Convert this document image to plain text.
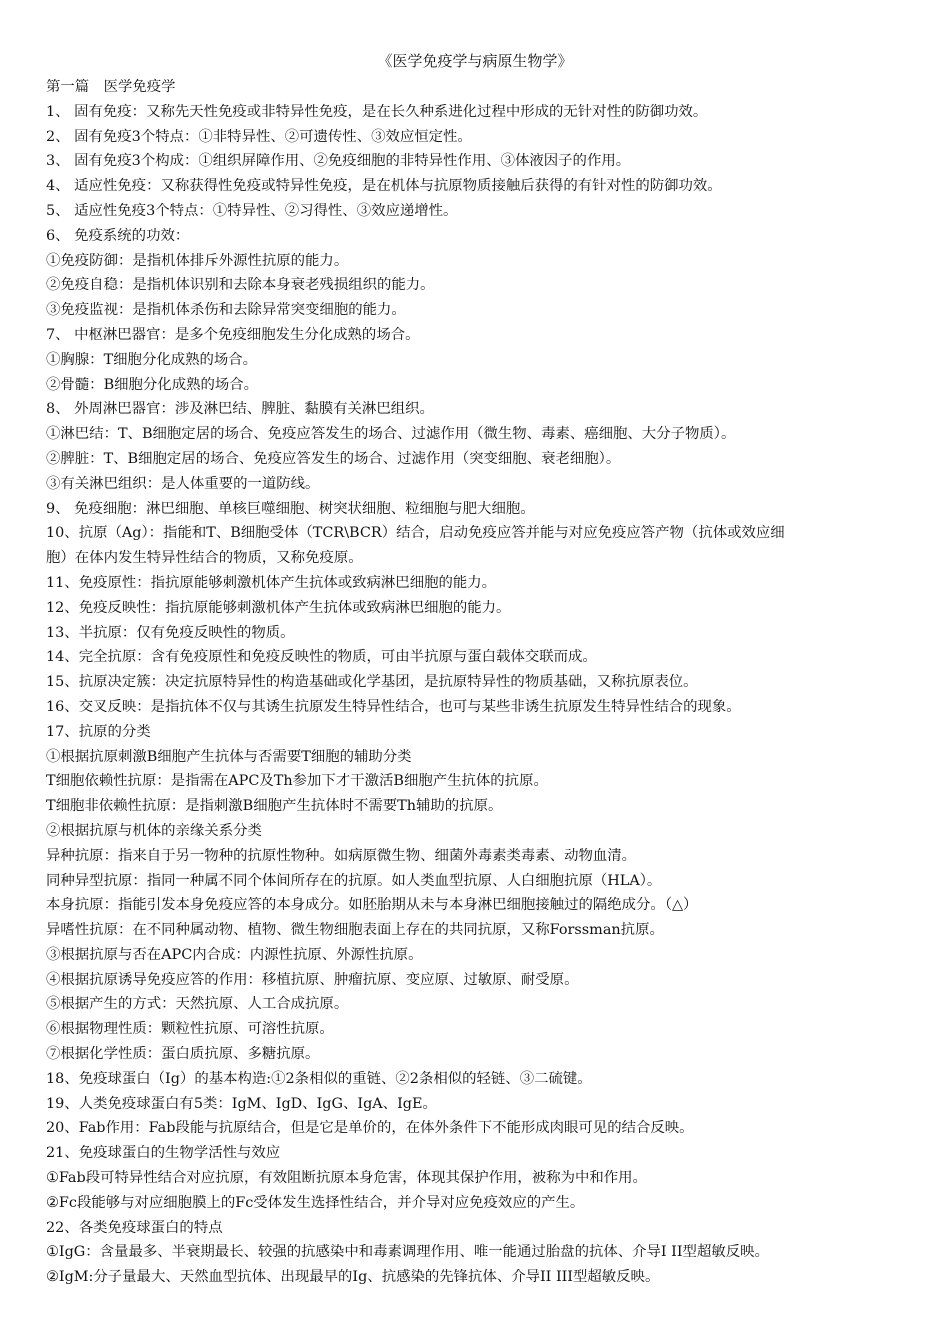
《医学免疫学与病原生物学》
第一篇　医学免疫学
1、 固有免疫：又称先天性免疫或非特异性免疫，是在长久种系进化过程中形成的无针对性的防御功效。
2、 固有免疫3个特点：①非特异性、②可遗传性、③效应恒定性。
3、 固有免疫3个构成：①组织屏障作用、②免疫细胞的非特异性作用、③体液因子的作用。
4、 适应性免疫：又称获得性免疫或特异性免疫，是在机体与抗原物质接触后获得的有针对性的防御功效。
5、 适应性免疫3个特点：①特异性、②习得性、③效应递增性。
6、 免疫系统的功效：
①免疫防御：是指机体排斥外源性抗原的能力。
②免疫自稳：是指机体识别和去除本身衰老残损组织的能力。
③免疫监视：是指机体杀伤和去除异常突变细胞的能力。
7、 中枢淋巴器官：是多个免疫细胞发生分化成熟的场合。
①胸腺：T细胞分化成熟的场合。
②骨髓：B细胞分化成熟的场合。
8、 外周淋巴器官：涉及淋巴结、脾脏、黏膜有关淋巴组织。
①淋巴结：T、B细胞定居的场合、免疫应答发生的场合、过滤作用（微生物、毒素、癌细胞、大分子物质）。
②脾脏：T、B细胞定居的场合、免疫应答发生的场合、过滤作用（突变细胞、衰老细胞）。
③有关淋巴组织：是人体重要的一道防线。
9、 免疫细胞：淋巴细胞、单核巨噬细胞、树突状细胞、粒细胞与肥大细胞。
10、抗原（Ag）：指能和T、B细胞受体（TCR\BCR）结合，启动免疫应答并能与对应免疫应答产物（抗体或效应细
胞）在体内发生特异性结合的物质，又称免疫原。
11、免疫原性：指抗原能够刺激机体产生抗体或致病淋巴细胞的能力。
12、免疫反映性：指抗原能够刺激机体产生抗体或致病淋巴细胞的能力。
13、半抗原：仅有免疫反映性的物质。
14、完全抗原：含有免疫原性和免疫反映性的物质，可由半抗原与蛋白载体交联而成。
15、抗原决定簇：决定抗原特异性的构造基础或化学基团，是抗原特异性的物质基础，又称抗原表位。
16、交叉反映：是指抗体不仅与其诱生抗原发生特异性结合，也可与某些非诱生抗原发生特异性结合的现象。
17、抗原的分类
①根据抗原刺激B细胞产生抗体与否需要T细胞的辅助分类
T细胞依赖性抗原：是指需在APC及Th参加下才干激活B细胞产生抗体的抗原。
T细胞非依赖性抗原：是指刺激B细胞产生抗体时不需要Th辅助的抗原。
②根据抗原与机体的亲缘关系分类
异种抗原：指来自于另一物种的抗原性物种。如病原微生物、细菌外毒素类毒素、动物血清。
同种异型抗原：指同一种属不同个体间所存在的抗原。如人类血型抗原、人白细胞抗原（HLA）。
本身抗原：指能引发本身免疫应答的本身成分。如胚胎期从未与本身淋巴细胞接触过的隔绝成分。（△）
异嗜性抗原：在不同种属动物、植物、微生物细胞表面上存在的共同抗原，又称Forssman抗原。
③根据抗原与否在APC内合成：内源性抗原、外源性抗原。
④根据抗原诱导免疫应答的作用：移植抗原、肿瘤抗原、变应原、过敏原、耐受原。
⑤根据产生的方式：天然抗原、人工合成抗原。
⑥根据物理性质：颗粒性抗原、可溶性抗原。
⑦根据化学性质：蛋白质抗原、多糖抗原。
18、免疫球蛋白（Ig）的基本构造:①2条相似的重链、②2条相似的轻链、③二硫键。
19、人类免疫球蛋白有5类：IgM、IgD、IgG、IgA、IgE。
20、Fab作用：Fab段能与抗原结合，但是它是单价的，在体外条件下不能形成肉眼可见的结合反映。
21、免疫球蛋白的生物学活性与效应
①Fab段可特异性结合对应抗原，有效阻断抗原本身危害，体现其保护作用，被称为中和作用。
②Fc段能够与对应细胞膜上的Fc受体发生选择性结合，并介导对应免疫效应的产生。
22、各类免疫球蛋白的特点
①IgG：含量最多、半衰期最长、较强的抗感染中和毒素调理作用、唯一能通过胎盘的抗体、介导I II型超敏反映。
②IgM:分子量最大、天然血型抗体、出现最早的Ig、抗感染的先锋抗体、介导II III型超敏反映。
